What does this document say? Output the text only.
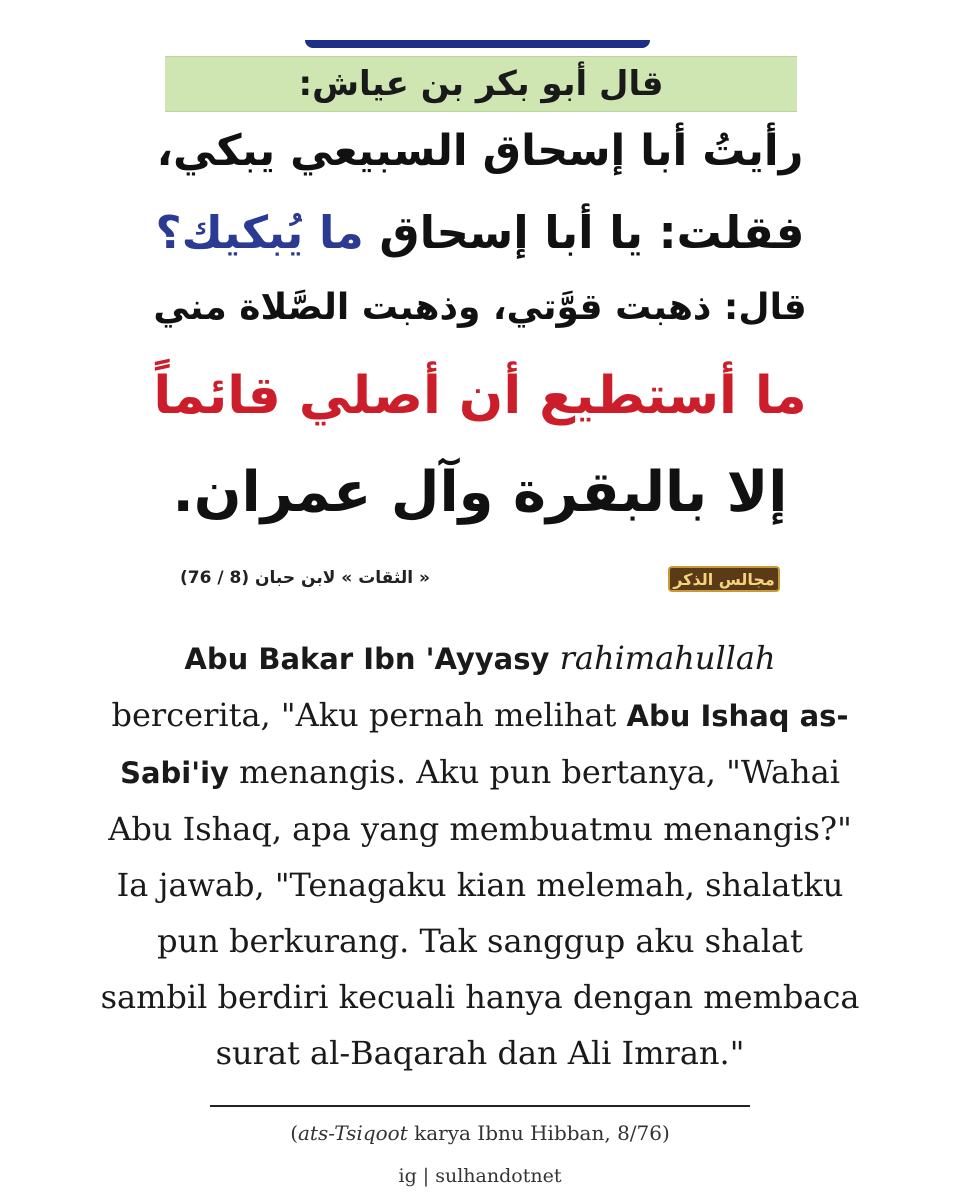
قال أبو بكر بن عياش:
رأيتُ أبا إسحاق السبيعي يبكي،
فقلت: يا أبا إسحاق ما يُبكيك؟
قال: ذهبت قوَّتي، وذهبت الصَّلاة مني
ما أستطيع أن أصلي قائماً
إلا بالبقرة وآل عمران.
« الثقات » لابن حبان (8 / 76)	مجالس الذكر

Abu Bakar Ibn 'Ayyasy rahimahullah bercerita, "Aku pernah melihat Abu Ishaq as-Sabi'iy menangis. Aku pun bertanya, "Wahai Abu Ishaq, apa yang membuatmu menangis?" Ia jawab, "Tenagaku kian melemah, shalatku pun berkurang. Tak sanggup aku shalat sambil berdiri kecuali hanya dengan membaca surat al-Baqarah dan Ali Imran."

(ats-Tsiqoot karya Ibnu Hibban, 8/76)
ig | sulhandotnet
